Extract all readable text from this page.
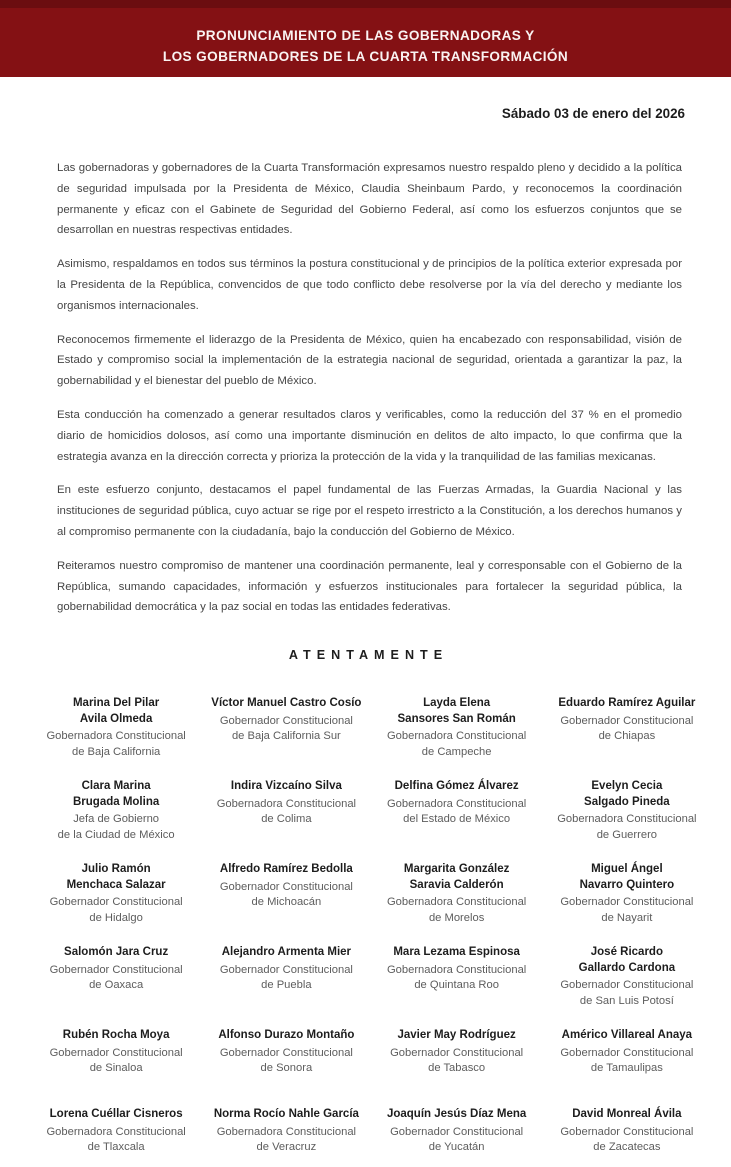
PRONUNCIAMIENTO DE LAS GOBERNADORAS Y
LOS GOBERNADORES DE LA CUARTA TRANSFORMACIÓN
Sábado 03 de enero del 2026

Las gobernadoras y gobernadores de la Cuarta Transformación expresamos nuestro respaldo pleno y decidido a la política de seguridad impulsada por la Presidenta de México, Claudia Sheinbaum Pardo, y reconocemos la coordinación permanente y eficaz con el Gabinete de Seguridad del Gobierno Federal, así como los esfuerzos conjuntos que se desarrollan en nuestras respectivas entidades.

Asimismo, respaldamos en todos sus términos la postura constitucional y de principios de la política exterior expresada por la Presidenta de la República, convencidos de que todo conflicto debe resolverse por la vía del derecho y mediante los organismos internacionales.

Reconocemos firmemente el liderazgo de la Presidenta de México, quien ha encabezado con responsabilidad, visión de Estado y compromiso social la implementación de la estrategia nacional de seguridad, orientada a garantizar la paz, la gobernabilidad y el bienestar del pueblo de México.

Esta conducción ha comenzado a generar resultados claros y verificables, como la reducción del 37 % en el promedio diario de homicidios dolosos, así como una importante disminución en delitos de alto impacto, lo que confirma que la estrategia avanza en la dirección correcta y prioriza la protección de la vida y la tranquilidad de las familias mexicanas.

En este esfuerzo conjunto, destacamos el papel fundamental de las Fuerzas Armadas, la Guardia Nacional y las instituciones de seguridad pública, cuyo actuar se rige por el respeto irrestricto a la Constitución, a los derechos humanos y al compromiso permanente con la ciudadanía, bajo la conducción del Gobierno de México.

Reiteramos nuestro compromiso de mantener una coordinación permanente, leal y corresponsable con el Gobierno de la República, sumando capacidades, información y esfuerzos institucionales para fortalecer la seguridad pública, la gobernabilidad democrática y la paz social en todas las entidades federativas.

ATENTAMENTE
Marina Del Pilar
Avila Olmeda
Gobernadora Constitucional
de Baja California
Víctor Manuel Castro Cosío
Gobernador Constitucional
de Baja California Sur
Layda Elena
Sansores San Román
Gobernadora Constitucional
de Campeche
Eduardo Ramírez Aguilar
Gobernador Constitucional
de Chiapas
Clara Marina
Brugada Molina
Jefa de Gobierno
de la Ciudad de México
Indira Vizcaíno Silva
Gobernadora Constitucional
de Colima
Delfina Gómez Álvarez
Gobernadora Constitucional
del Estado de México
Evelyn Cecia
Salgado Pineda
Gobernadora Constitucional
de Guerrero
Julio Ramón
Menchaca Salazar
Gobernador Constitucional
de Hidalgo
Alfredo Ramírez Bedolla
Gobernador Constitucional
de Michoacán
Margarita González
Saravia Calderón
Gobernadora Constitucional
de Morelos
Miguel Ángel
Navarro Quintero
Gobernador Constitucional
de Nayarit
Salomón Jara Cruz
Gobernador Constitucional
de Oaxaca
Alejandro Armenta Mier
Gobernador Constitucional
de Puebla
Mara Lezama Espinosa
Gobernadora Constitucional
de Quintana Roo
José Ricardo
Gallardo Cardona
Gobernador Constitucional
de San Luis Potosí
Rubén Rocha Moya
Gobernador Constitucional
de Sinaloa
Alfonso Durazo Montaño
Gobernador Constitucional
de Sonora
Javier May Rodríguez
Gobernador Constitucional
de Tabasco
Américo Villareal Anaya
Gobernador Constitucional
de Tamaulipas
Lorena Cuéllar Cisneros
Gobernadora Constitucional
de Tlaxcala
Norma Rocío Nahle García
Gobernadora Constitucional
de Veracruz
Joaquín Jesús Díaz Mena
Gobernador Constitucional
de Yucatán
David Monreal Ávila
Gobernador Constitucional
de Zacatecas
